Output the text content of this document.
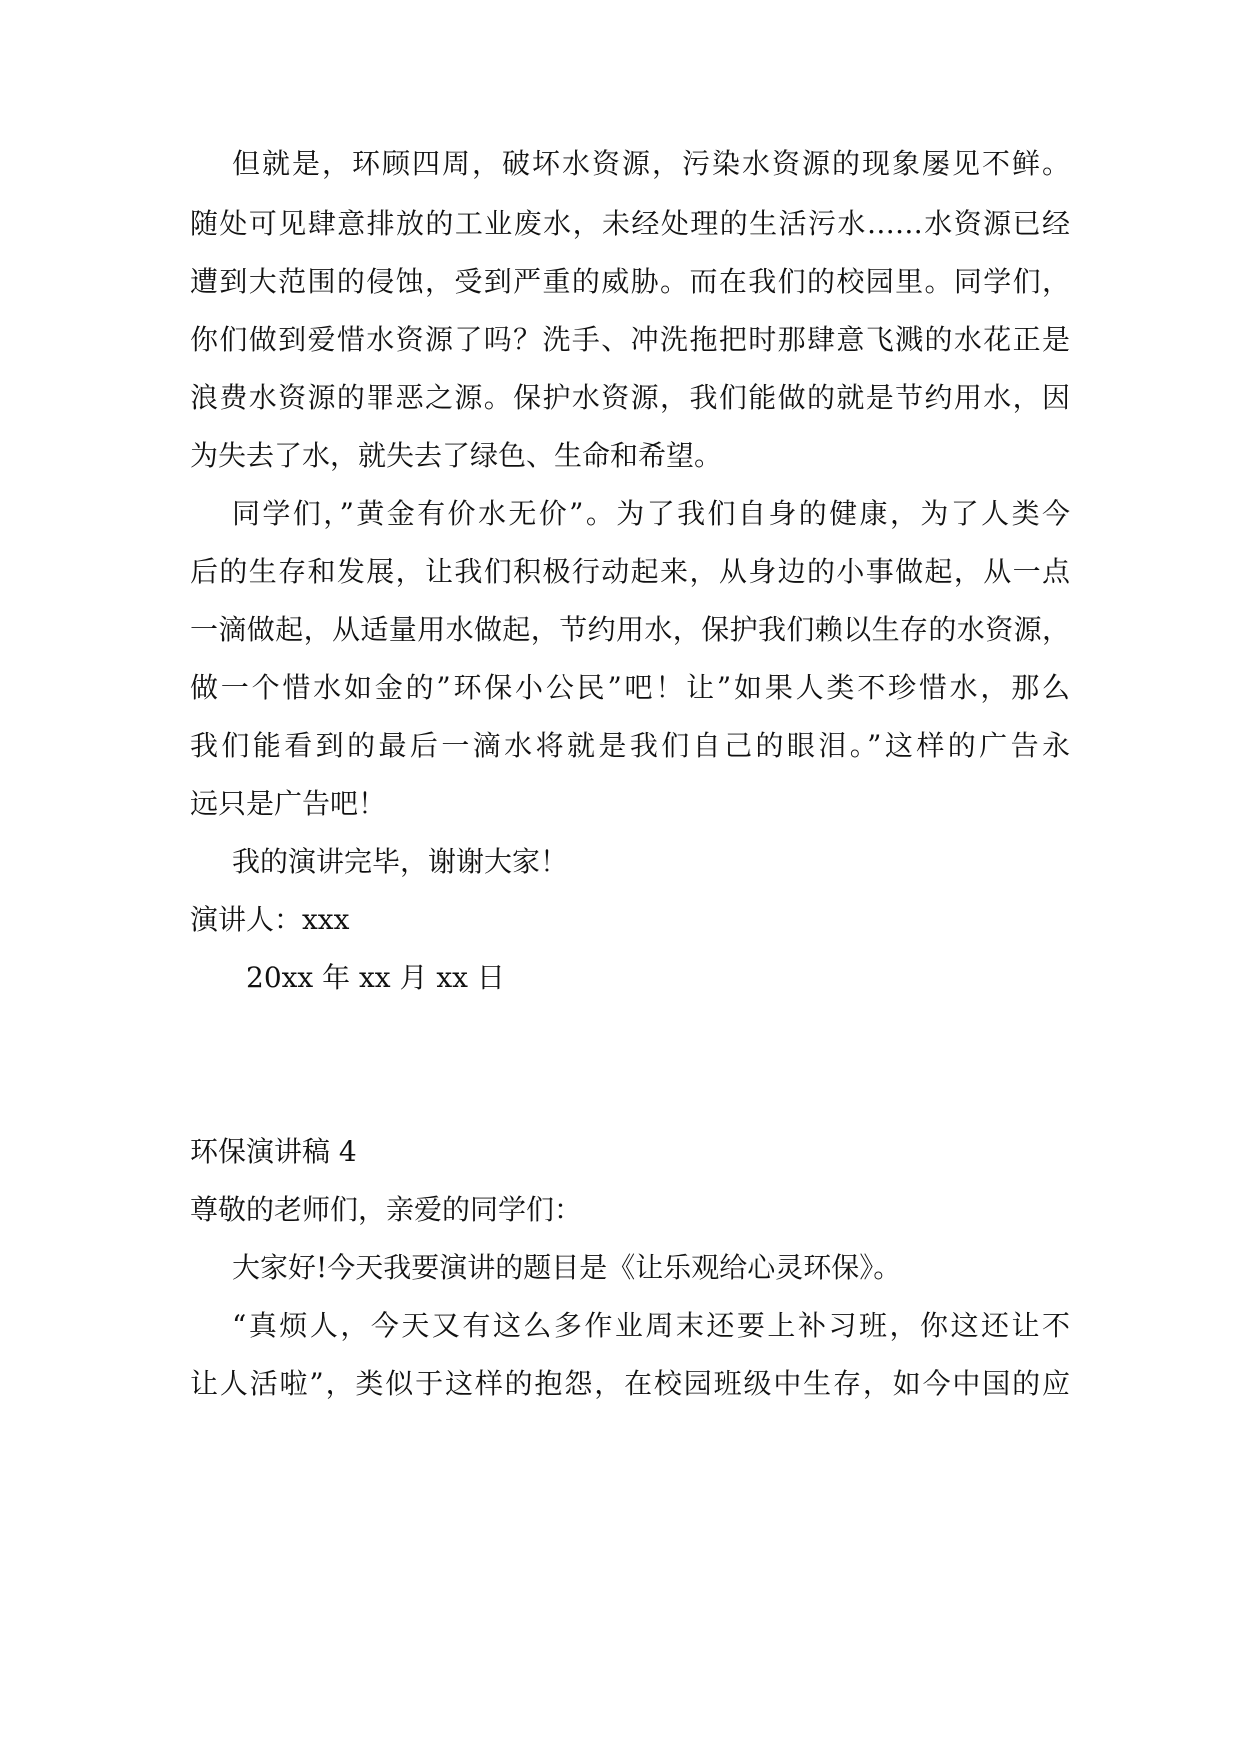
但就是，环顾四周，破坏水资源，污染水资源的现象屡见不鲜。
随处可见肆意排放的工业废水，未经处理的生活污水……水资源已经
遭到大范围的侵蚀，受到严重的威胁。而在我们的校园里。同学们，
你们做到爱惜水资源了吗？洗手、冲洗拖把时那肆意飞溅的水花正是
浪费水资源的罪恶之源。保护水资源，我们能做的就是节约用水，因
为失去了水，就失去了绿色、生命和希望。
同学们，”黄金有价水无价”。为了我们自身的健康，为了人类今
后的生存和发展，让我们积极行动起来，从身边的小事做起，从一点
一滴做起，从适量用水做起，节约用水，保护我们赖以生存的水资源，
做一个惜水如金的”环保小公民”吧！让”如果人类不珍惜水，那么
我们能看到的最后一滴水将就是我们自己的眼泪。”这样的广告永
远只是广告吧！
我的演讲完毕，谢谢大家！
演讲人：xxx
20xx 年 xx 月 xx 日
环保演讲稿 4
尊敬的老师们，亲爱的同学们：
大家好!今天我要演讲的题目是《让乐观给心灵环保》。
“真烦人，今天又有这么多作业周末还要上补习班，你这还让不
让人活啦”，类似于这样的抱怨，在校园班级中生存，如今中国的应
